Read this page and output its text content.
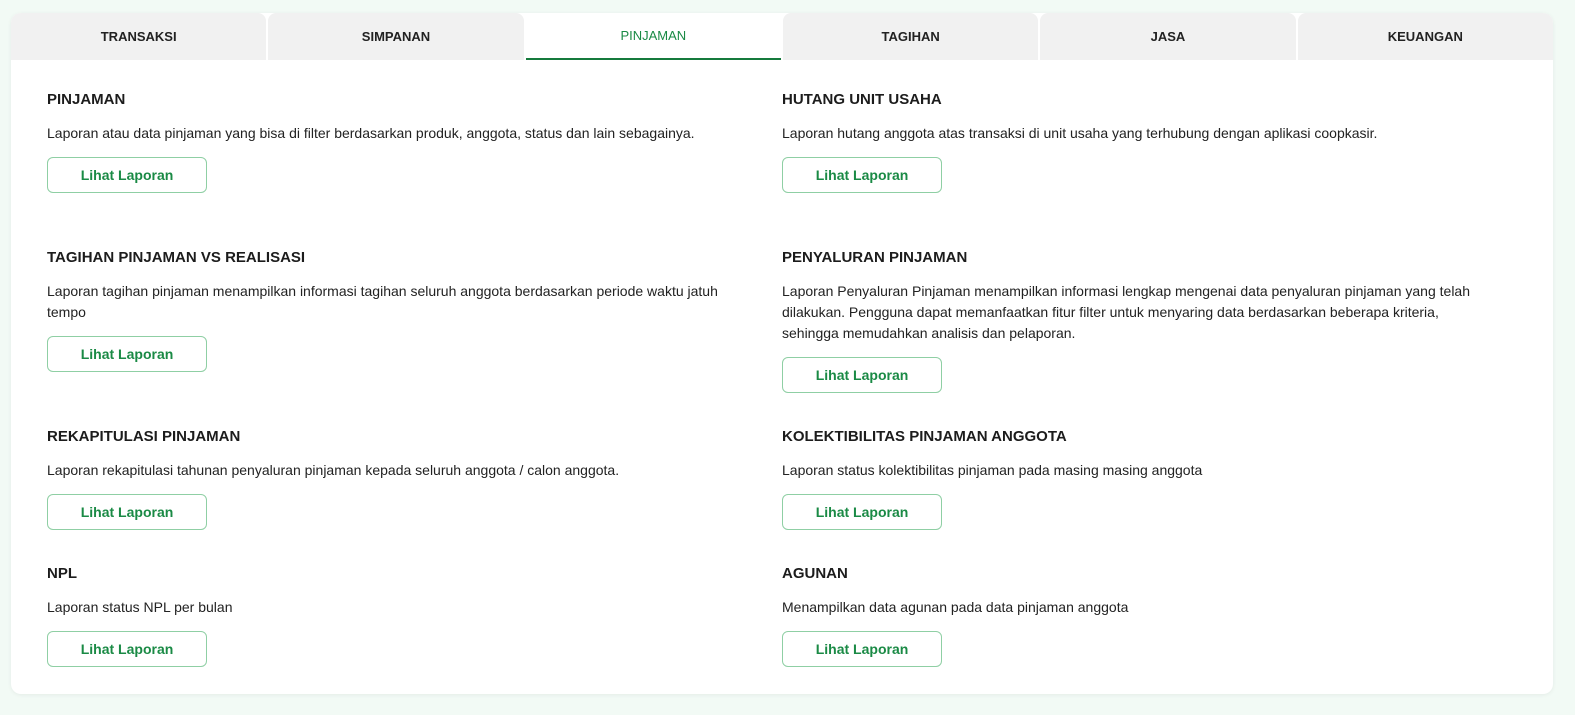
TRANSAKSI	SIMPANAN	PINJAMAN	TAGIHAN	JASA	KEUANGAN
PINJAMAN
Laporan atau data pinjaman yang bisa di filter berdasarkan produk, anggota, status dan lain sebagainya.
Lihat Laporan
HUTANG UNIT USAHA
Laporan hutang anggota atas transaksi di unit usaha yang terhubung dengan aplikasi coopkasir.
Lihat Laporan
TAGIHAN PINJAMAN VS REALISASI
Laporan tagihan pinjaman menampilkan informasi tagihan seluruh anggota berdasarkan periode waktu jatuh tempo
Lihat Laporan
PENYALURAN PINJAMAN
Laporan Penyaluran Pinjaman menampilkan informasi lengkap mengenai data penyaluran pinjaman yang telah dilakukan. Pengguna dapat memanfaatkan fitur filter untuk menyaring data berdasarkan beberapa kriteria, sehingga memudahkan analisis dan pelaporan.
Lihat Laporan
REKAPITULASI PINJAMAN
Laporan rekapitulasi tahunan penyaluran pinjaman kepada seluruh anggota / calon anggota.
Lihat Laporan
KOLEKTIBILITAS PINJAMAN ANGGOTA
Laporan status kolektibilitas pinjaman pada masing masing anggota
Lihat Laporan
NPL
Laporan status NPL per bulan
Lihat Laporan
AGUNAN
Menampilkan data agunan pada data pinjaman anggota
Lihat Laporan
